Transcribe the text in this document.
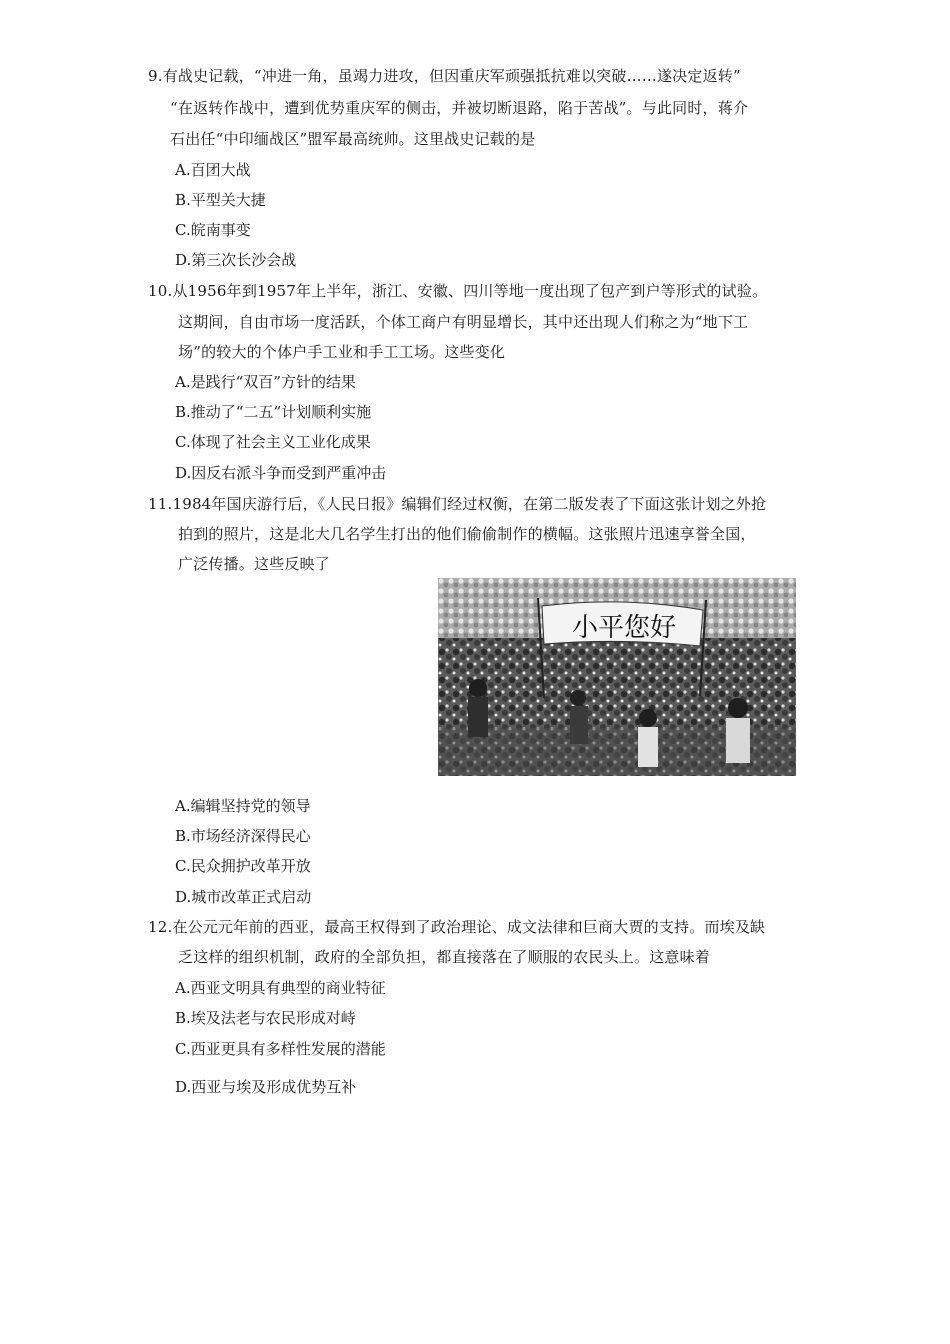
9.有战史记载，“冲进一角，虽竭力进攻，但因重庆军顽强抵抗难以突破……遂决定返转”
“在返转作战中，遭到优势重庆军的侧击，并被切断退路，陷于苦战”。与此同时，蒋介
石出任“中印缅战区”盟军最高统帅。这里战史记载的是
A.百团大战
B.平型关大捷
C.皖南事变
D.第三次长沙会战
10.从1956年到1957年上半年，浙江、安徽、四川等地一度出现了包产到户等形式的试验。
这期间，自由市场一度活跃，个体工商户有明显增长，其中还出现人们称之为“地下工
场”的较大的个体户手工业和手工工场。这些变化
A.是践行“双百”方针的结果
B.推动了“二五”计划顺利实施
C.体现了社会主义工业化成果
D.因反右派斗争而受到严重冲击
11.1984年国庆游行后，《人民日报》编辑们经过权衡，在第二版发表了下面这张计划之外抢
拍到的照片，这是北大几名学生打出的他们偷偷制作的横幅。这张照片迅速享誉全国，
广泛传播。这些反映了
小平您好
A.编辑坚持党的领导
B.市场经济深得民心
C.民众拥护改革开放
D.城市改革正式启动
12.在公元元年前的西亚，最高王权得到了政治理论、成文法律和巨商大贾的支持。而埃及缺
乏这样的组织机制，政府的全部负担，都直接落在了顺服的农民头上。这意味着
A.西亚文明具有典型的商业特征
B.埃及法老与农民形成对峙
C.西亚更具有多样性发展的潜能
D.西亚与埃及形成优势互补
